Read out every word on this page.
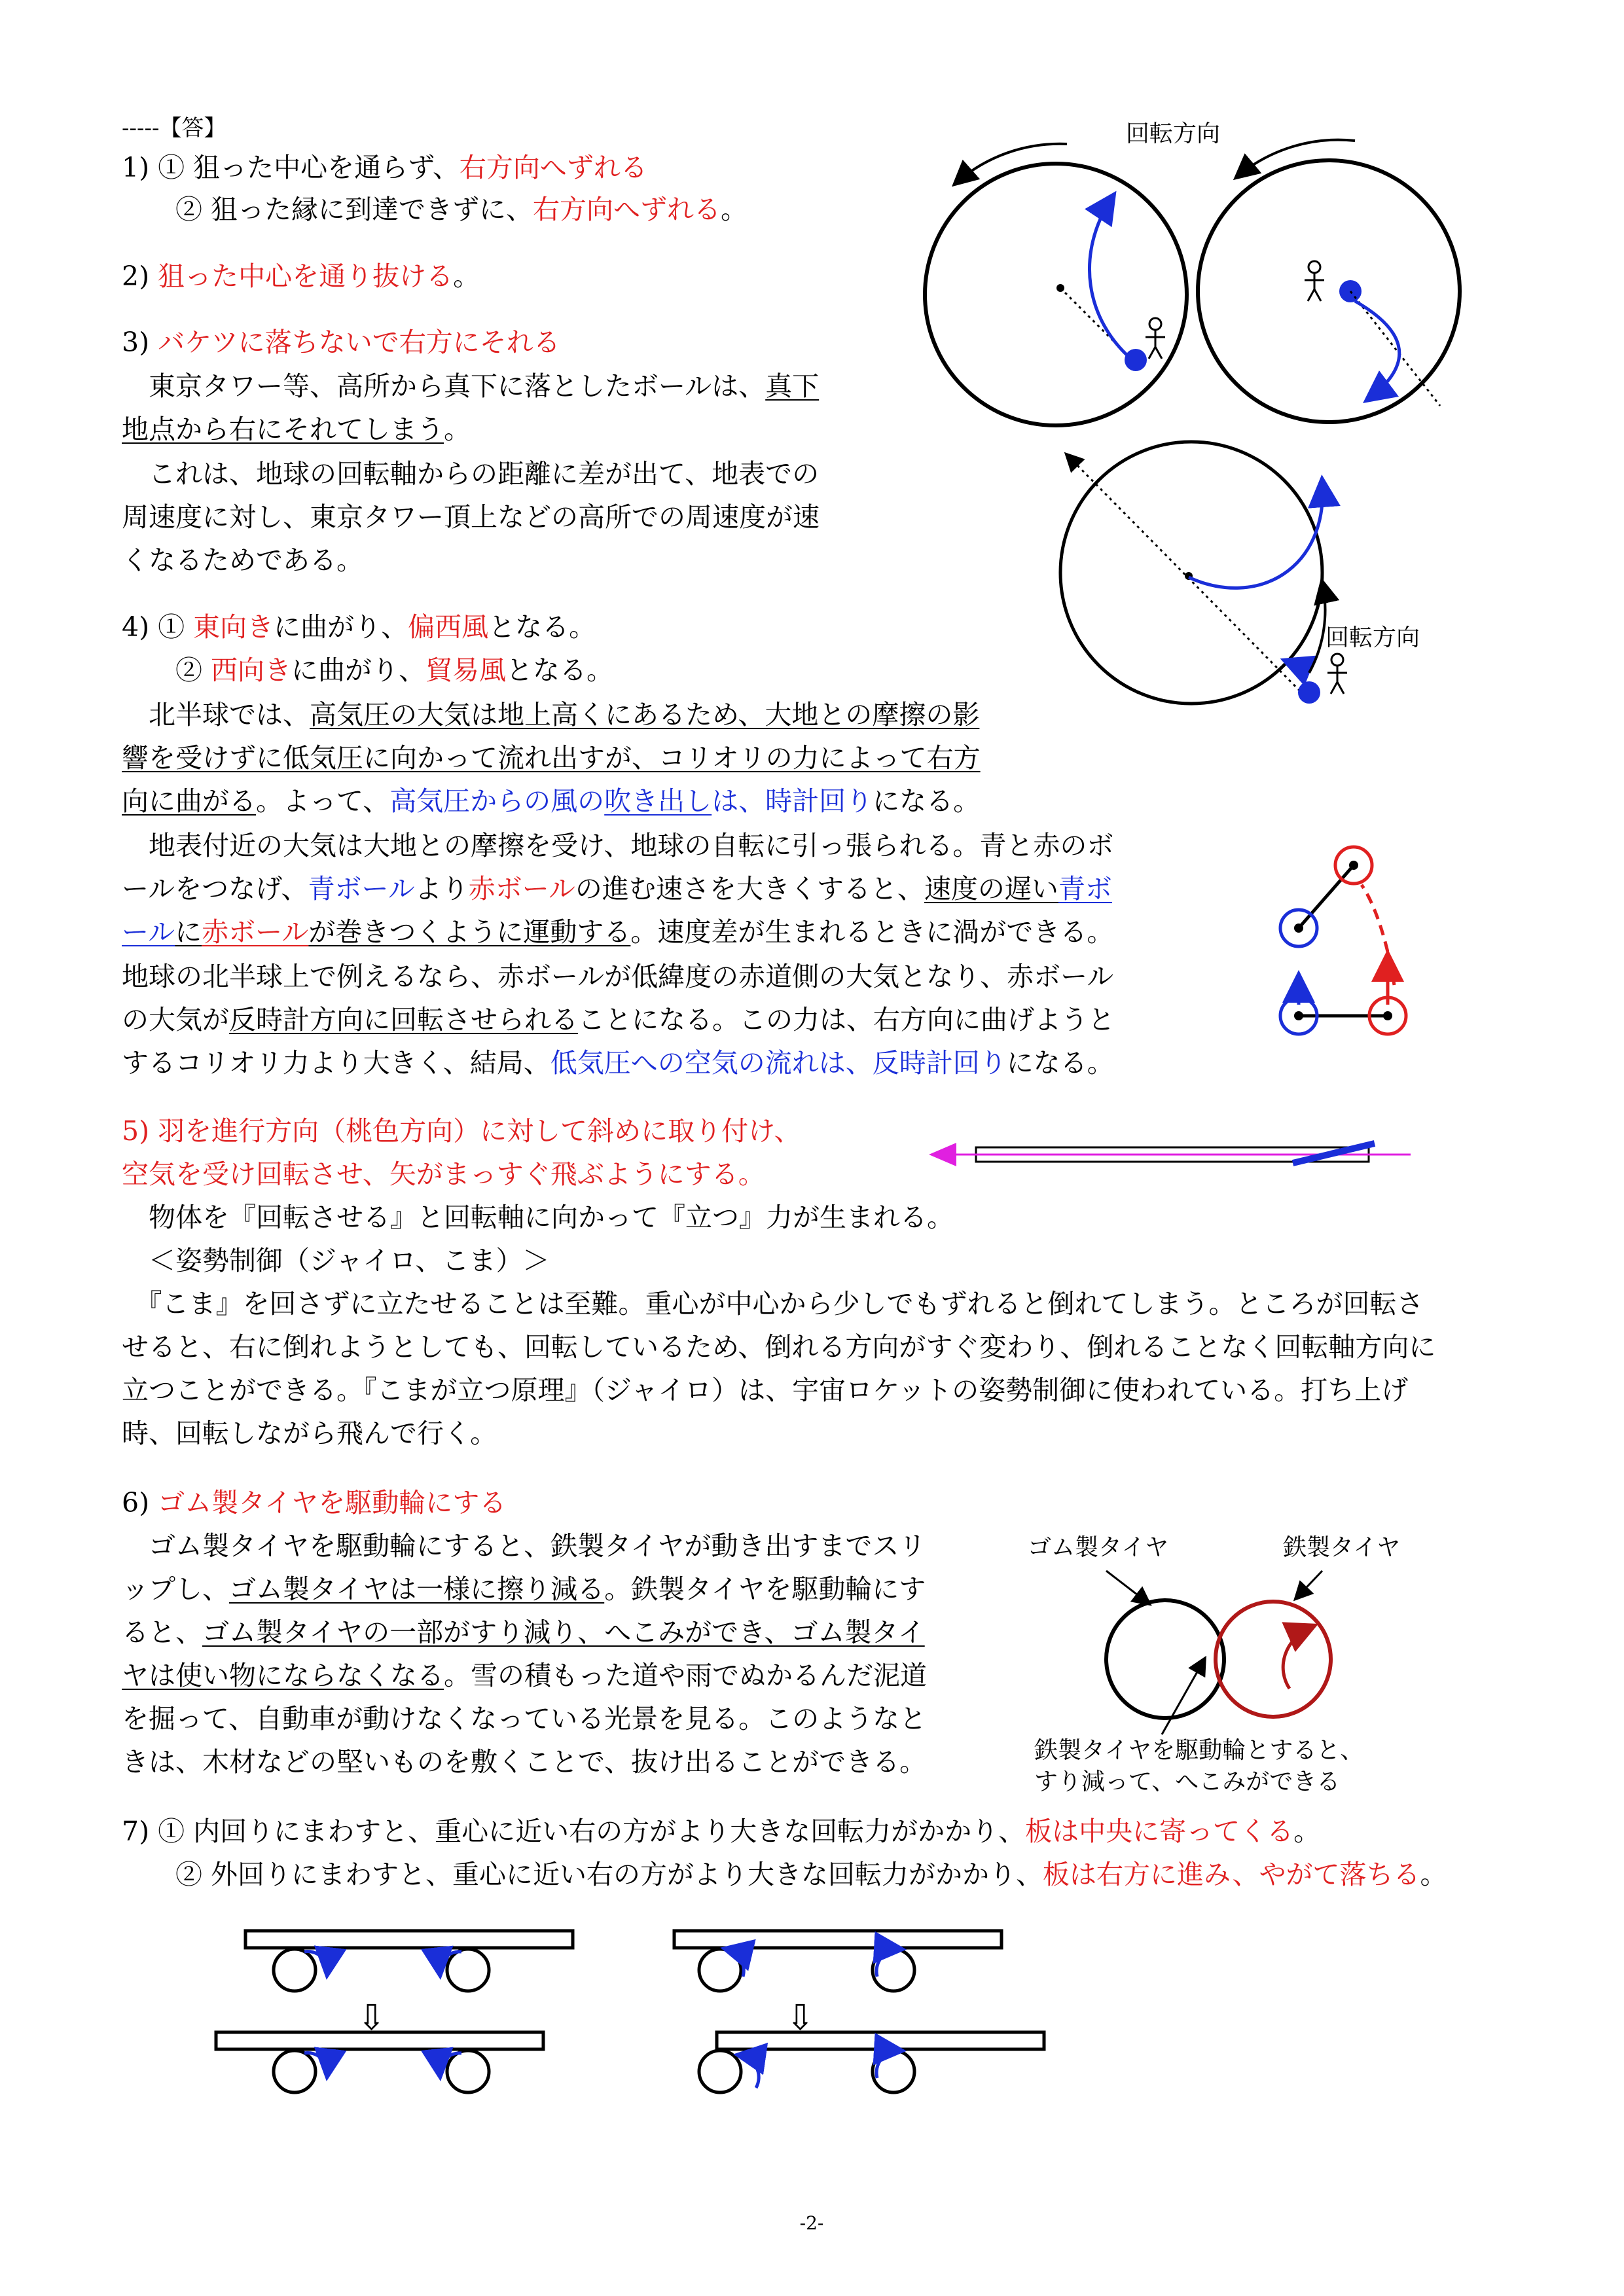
-----【答】
1) ① 狙った中心を通らず、右方向へずれる
　　② 狙った縁に到達できずに、右方向へずれる。
2) 狙った中心を通り抜ける。
3) バケツに落ちないで右方にそれる
　東京タワー等、高所から真下に落としたボールは、真下
地点から右にそれてしまう。
　これは、地球の回転軸からの距離に差が出て、地表での
周速度に対し、東京タワー頂上などの高所での周速度が速
くなるためである。
4) ① 東向きに曲がり、偏西風となる。
　　② 西向きに曲がり、貿易風となる。
　北半球では、高気圧の大気は地上高くにあるため、大地との摩擦の影
響を受けずに低気圧に向かって流れ出すが、コリオリの力によって右方
向に曲がる。よって、高気圧からの風の吹き出しは、時計回りになる。
　地表付近の大気は大地との摩擦を受け、地球の自転に引っ張られる。青と赤のボ
ールをつなげ、青ボールより赤ボールの進む速さを大きくすると、速度の遅い青ボ
ールに赤ボールが巻きつくように運動する。速度差が生まれるときに渦ができる。
地球の北半球上で例えるなら、赤ボールが低緯度の赤道側の大気となり、赤ボール
の大気が反時計方向に回転させられることになる。この力は、右方向に曲げようと
するコリオリ力より大きく、結局、低気圧への空気の流れは、反時計回りになる。
5) 羽を進行方向（桃色方向）に対して斜めに取り付け、
空気を受け回転させ、矢がまっすぐ飛ぶようにする。
　物体を『回転させる』と回転軸に向かって『立つ』力が生まれる。
　＜姿勢制御（ジャイロ、こま）＞
　『こま』を回さずに立たせることは至難。重心が中心から少しでもずれると倒れてしまう。ところが回転さ
せると、右に倒れようとしても、回転しているため、倒れる方向がすぐ変わり、倒れることなく回転軸方向に
立つことができる。『こまが立つ原理』（ジャイロ）は、宇宙ロケットの姿勢制御に使われている。打ち上げ
時、回転しながら飛んで行く。
6) ゴム製タイヤを駆動輪にする
　ゴム製タイヤを駆動輪にすると、鉄製タイヤが動き出すまでスリ
ップし、ゴム製タイヤは一様に擦り減る。鉄製タイヤを駆動輪にす
ると、ゴム製タイヤの一部がすり減り、へこみができ、ゴム製タイ
ヤは使い物にならなくなる。雪の積もった道や雨でぬかるんだ泥道
を掘って、自動車が動けなくなっている光景を見る。このようなと
きは、木材などの堅いものを敷くことで、抜け出ることができる。
7) ① 内回りにまわすと、重心に近い右の方がより大きな回転力がかかり、板は中央に寄ってくる。
　　② 外回りにまわすと、重心に近い右の方がより大きな回転力がかかり、板は右方に進み、やがて落ちる。
回転方向
回転方向
ゴム製タイヤ	鉄製タイヤ
鉄製タイヤを駆動輪とすると、
すり減って、へこみができる
⇩	⇩
-2-
